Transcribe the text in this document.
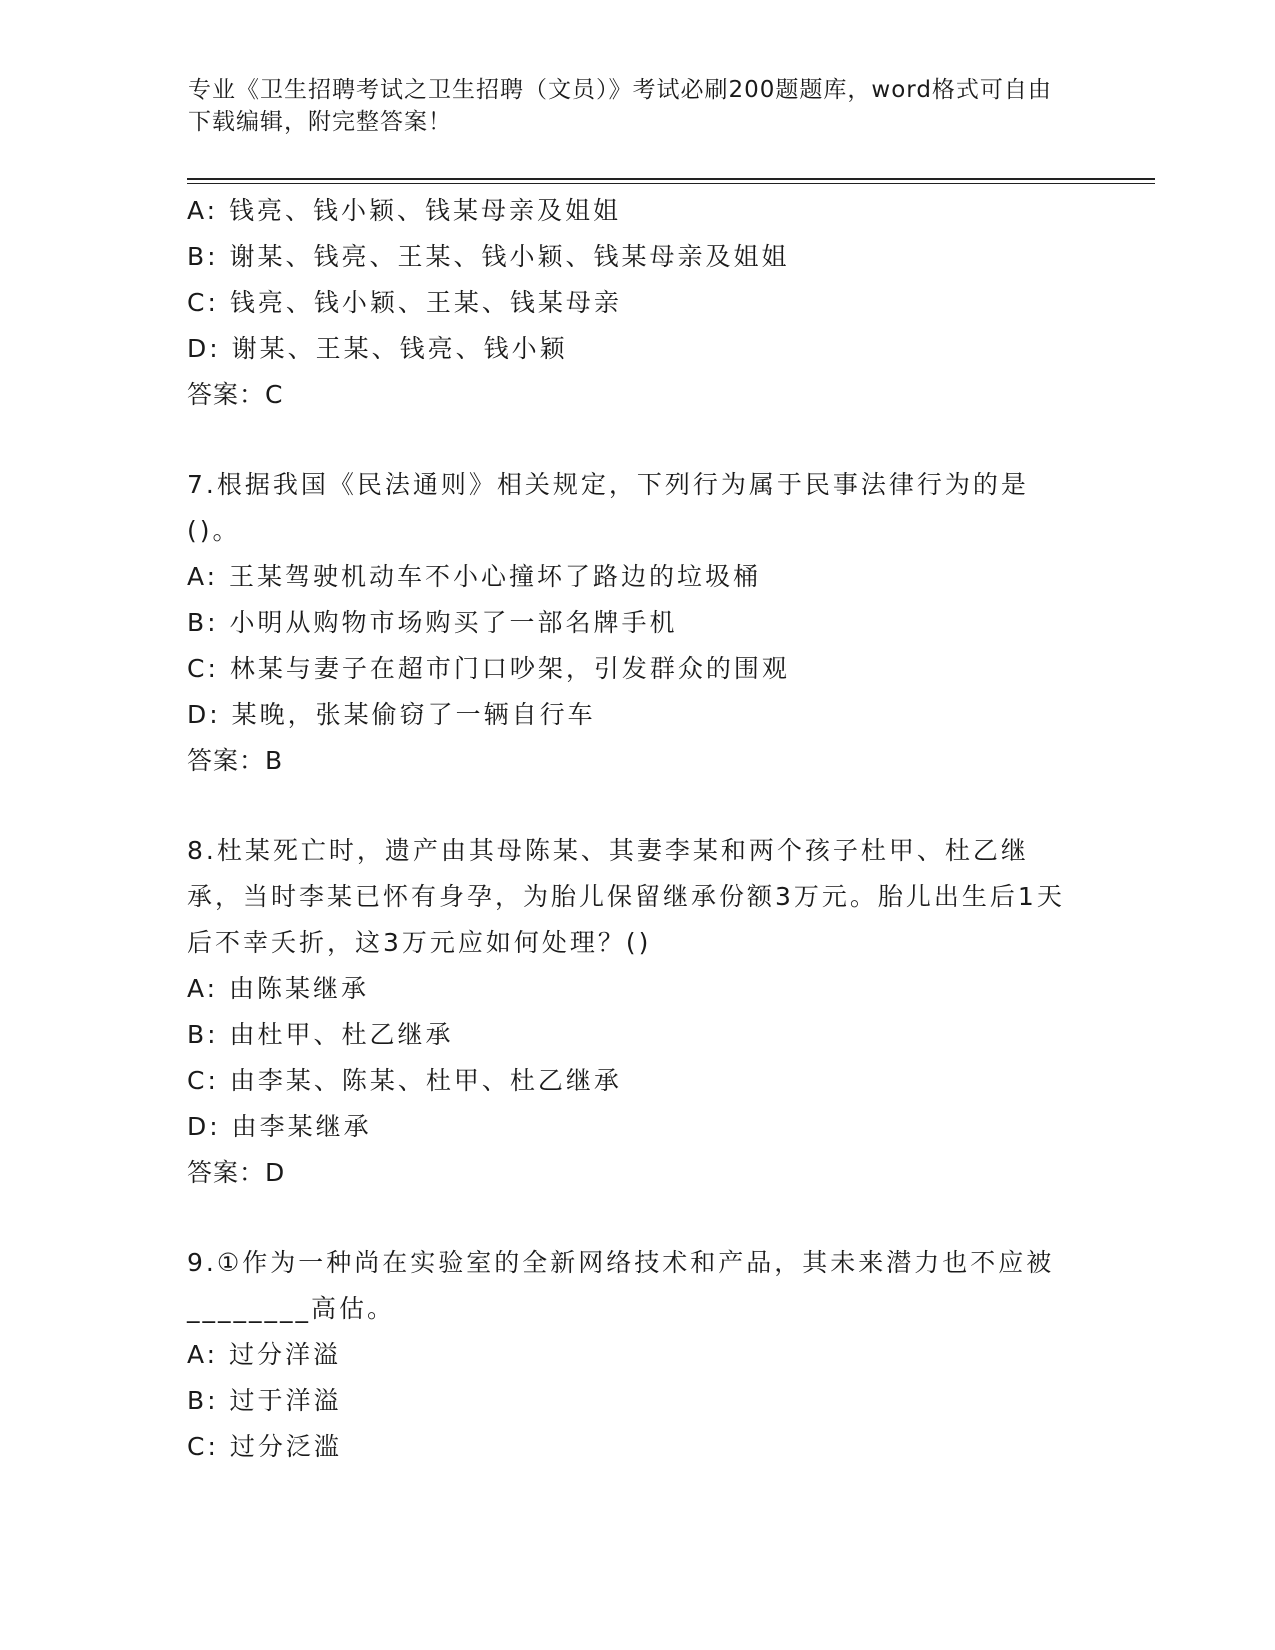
专业《卫生招聘考试之卫生招聘（文员）》考试必刷200题题库，word格式可自由下载编辑，附完整答案！
A: 钱亮、钱小颖、钱某母亲及姐姐
B: 谢某、钱亮、王某、钱小颖、钱某母亲及姐姐
C: 钱亮、钱小颖、王某、钱某母亲
D: 谢某、王某、钱亮、钱小颖
答案：C
7.根据我国《民法通则》相关规定，下列行为属于民事法律行为的是()。
A: 王某驾驶机动车不小心撞坏了路边的垃圾桶
B: 小明从购物市场购买了一部名牌手机
C: 林某与妻子在超市门口吵架，引发群众的围观
D: 某晚，张某偷窃了一辆自行车
答案：B
8.杜某死亡时，遗产由其母陈某、其妻李某和两个孩子杜甲、杜乙继承，当时李某已怀有身孕，为胎儿保留继承份额3万元。胎儿出生后1天后不幸夭折，这3万元应如何处理？()
A: 由陈某继承
B: 由杜甲、杜乙继承
C: 由李某、陈某、杜甲、杜乙继承
D: 由李某继承
答案：D
9.①作为一种尚在实验室的全新网络技术和产品，其未来潜力也不应被________高估。
A: 过分洋溢
B: 过于洋溢
C: 过分泛滥
